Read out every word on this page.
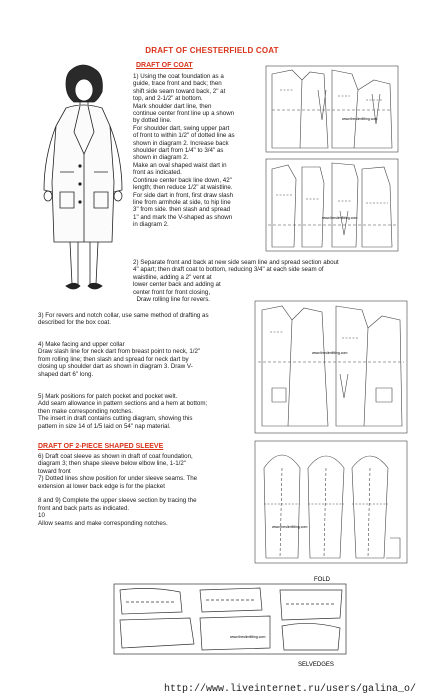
DRAFT OF CHESTERFIELD COAT
DRAFT OF COAT
1) Using the coat foundation as a
guide, trace front and back; then
shift side seam toward back, 2" at
top, and 2-1/2" at bottom.
Mark shoulder dart line, then
continue center front line up a shown
by dotted line.
For shoulder dart, swing upper part
of front to within 1/2" of dotted line as
shown in diagram 2. Increase back
shoulder dart from 1/4" to 3/4" as
shown in diagram 2.
Make an oval shaped waist dart in
front as indicated.
Continue center back line down, 42"
length; then reduce 1/2" at waistline.
For side dart in front, first draw slash
line from armhole at side, to hip line
3" from side. then slash and spread
1" and mark the V-shaped as shown
in diagram 2.
www.theslimfitting.com
www.theslimfitting.com
2) Separate front and back at new side seam line and spread section about
4" apart; then draft coat to bottom, reducing 3/4" at each side seam of
waistline, adding a 2" vent at
lower center back and adding at
center front for front closing,
Draw rolling line for revers.
3) For revers and notch collar, use same method of drafting as
described for the box coat.
4) Make facing and upper collar
Draw slash line for neck dart from breast point to neck, 1/2"
from rolling line; then slash and spread for neck dart by
closing up shoulder dart as shown in diagram 3. Draw V-
shaped dart 6" long.
5) Mark positions for patch pocket and pocket welt.
Add seam allowance in pattern sections and a hem at bottom;
then make corresponding notches.
The insert in draft contains cutting diagram, showing this
pattern in size 14 of 1/5 laid on 54" nap material.
www.theslimfitting.com
DRAFT OF 2-PIECE SHAPED SLEEVE
6) Draft coat sleeve as shown in draft of coat foundation,
diagram 3; then shape sleeve below elbow line, 1-1/2"
toward front
7) Dotted lines show position for under sleeve seams. The
extension at lower back edge is for the placket
8 and 9) Complete the upper sleeve section by tracing the
front and back parts as indicated.
10
Allow seams and make corresponding notches.
www.theslimfitting.com
FOLD
SELVEDGES
www.theslimfitting.com
http://www.liveinternet.ru/users/galina_o/
